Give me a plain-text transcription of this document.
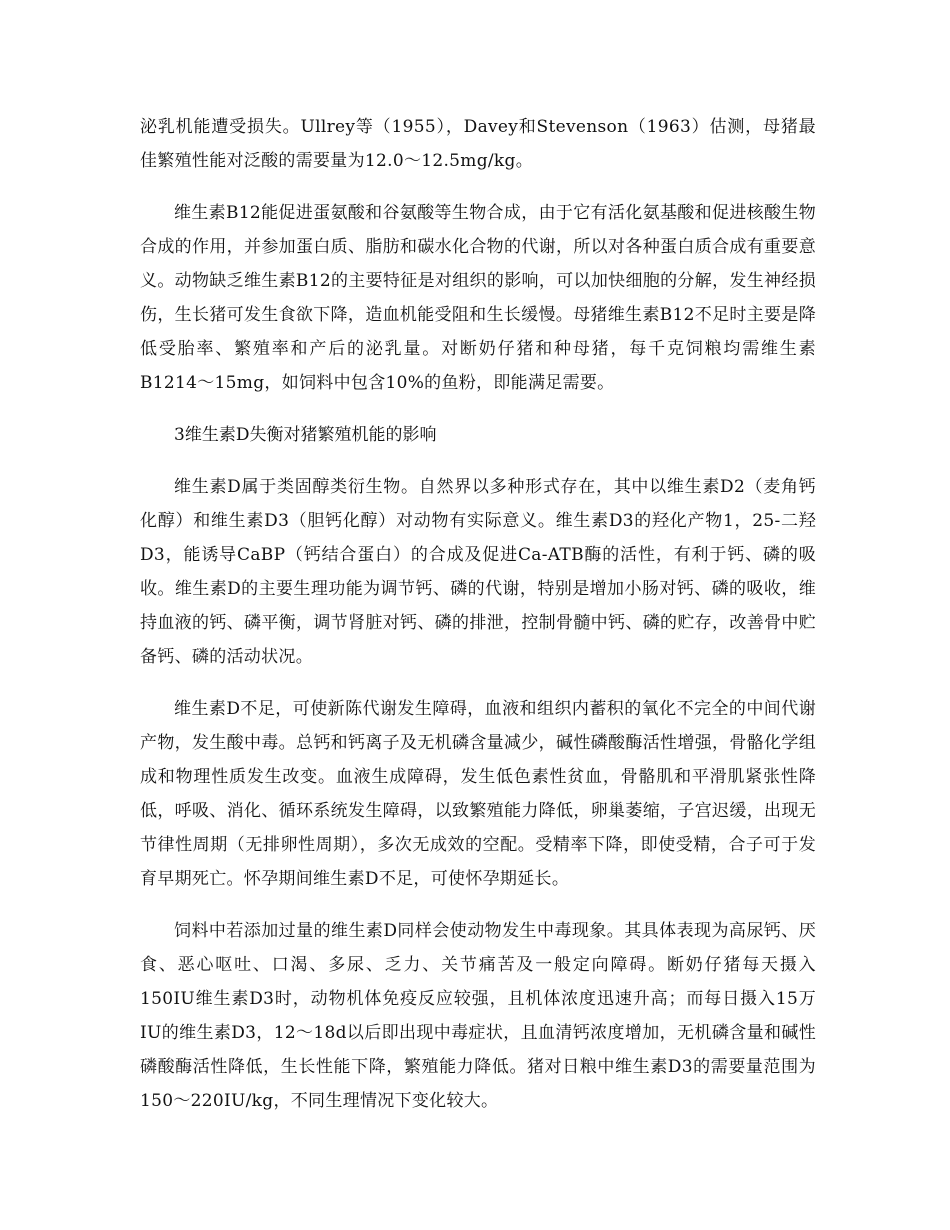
泌乳机能遭受损失。Ullrey等（1955），Davey和Stevenson（1963）估测，母猪最佳繁殖性能对泛酸的需要量为12.0～12.5mg/kg。

维生素B12能促进蛋氨酸和谷氨酸等生物合成，由于它有活化氨基酸和促进核酸生物合成的作用，并参加蛋白质、脂肪和碳水化合物的代谢，所以对各种蛋白质合成有重要意义。动物缺乏维生素B12的主要特征是对组织的影响，可以加快细胞的分解，发生神经损伤，生长猪可发生食欲下降，造血机能受阻和生长缓慢。母猪维生素B12不足时主要是降低受胎率、繁殖率和产后的泌乳量。对断奶仔猪和种母猪，每千克饲粮均需维生素B1214～15mg，如饲料中包含10%的鱼粉，即能满足需要。

3维生素D失衡对猪繁殖机能的影响

维生素D属于类固醇类衍生物。自然界以多种形式存在，其中以维生素D2（麦角钙化醇）和维生素D3（胆钙化醇）对动物有实际意义。维生素D3的羟化产物1，25-二羟D3，能诱导CaBP（钙结合蛋白）的合成及促进Ca-ATB酶的活性，有利于钙、磷的吸收。维生素D的主要生理功能为调节钙、磷的代谢，特别是增加小肠对钙、磷的吸收，维持血液的钙、磷平衡，调节肾脏对钙、磷的排泄，控制骨髓中钙、磷的贮存，改善骨中贮备钙、磷的活动状况。

维生素D不足，可使新陈代谢发生障碍，血液和组织内蓄积的氧化不完全的中间代谢产物，发生酸中毒。总钙和钙离子及无机磷含量减少，碱性磷酸酶活性增强，骨骼化学组成和物理性质发生改变。血液生成障碍，发生低色素性贫血，骨骼肌和平滑肌紧张性降低，呼吸、消化、循环系统发生障碍，以致繁殖能力降低，卵巢萎缩，子宫迟缓，出现无节律性周期（无排卵性周期），多次无成效的空配。受精率下降，即使受精，合子可于发育早期死亡。怀孕期间维生素D不足，可使怀孕期延长。

饲料中若添加过量的维生素D同样会使动物发生中毒现象。其具体表现为高尿钙、厌食、恶心呕吐、口渴、多尿、乏力、关节痛苦及一般定向障碍。断奶仔猪每天摄入150IU维生素D3时，动物机体免疫反应较强，且机体浓度迅速升高；而每日摄入15万IU的维生素D3，12～18d以后即出现中毒症状，且血清钙浓度增加，无机磷含量和碱性磷酸酶活性降低，生长性能下降，繁殖能力降低。猪对日粮中维生素D3的需要量范围为150～220IU/kg，不同生理情况下变化较大。
